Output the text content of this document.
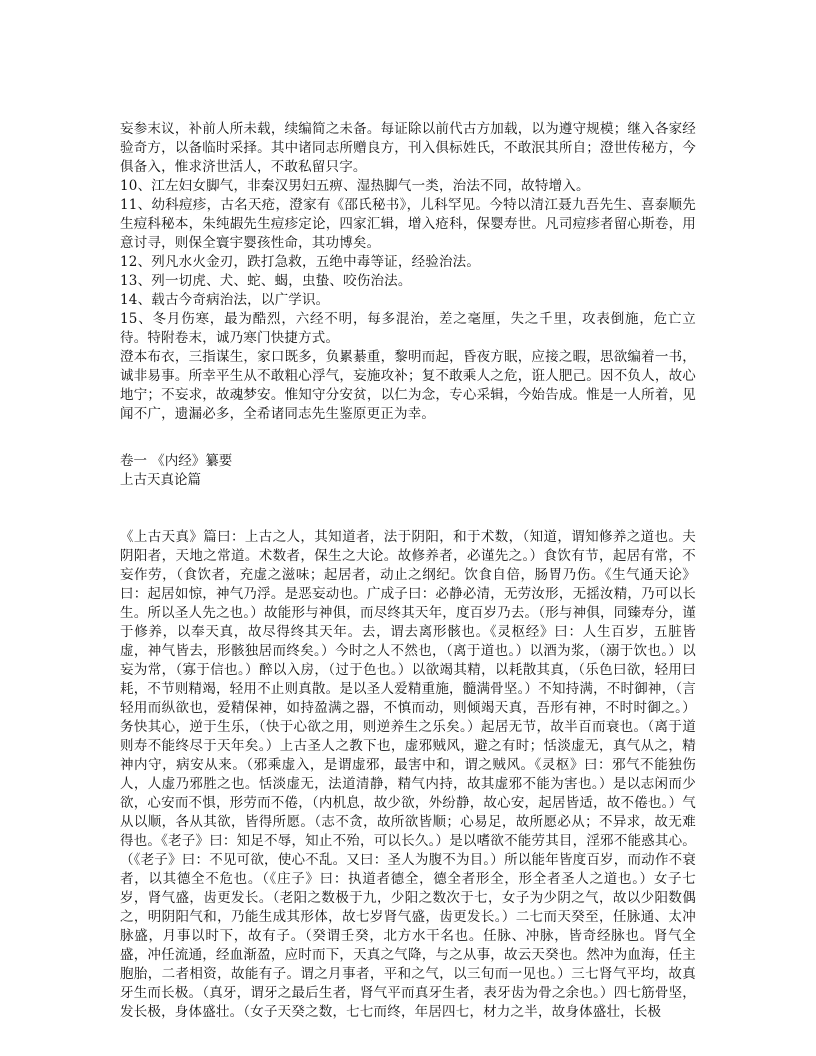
妄参末议，补前人所未载，续编简之未备。每证除以前代古方加载，以为遵守规模；继入各家经验奇方，以备临时采择。其中诸同志所赠良方，刊入俱标姓氏，不敢泯其所自；澄世传秘方，今俱备入，惟求济世活人，不敢私留只字。

10、江左妇女脚气，非秦汉男妇五痹、湿热脚气一类，治法不同，故特增入。

11、幼科痘疹，古名天疮，澄家有《邵氏秘书》，儿科罕见。今特以清江聂九吾先生、喜泰顺先生痘科秘本，朱纯嘏先生痘疹定论，四家汇辑，增入疮科，保婴寿世。凡司痘疹者留心斯卷，用意讨寻，则保全寰宇婴孩性命，其功博矣。

12、列凡水火金刃，跌打急救，五绝中毒等证，经验治法。

13、列一切虎、犬、蛇、蝎，虫蛰、咬伤治法。

14、载古今奇病治法，以广学识。

15、冬月伤寒，最为酷烈，六经不明，每多混治，差之毫厘，失之千里，攻表倒施，危亡立待。特附卷末，诚乃寒门快捷方式。

澄本布衣，三指谋生，家口既多，负累綦重，黎明而起，昏夜方眠，应接之暇，思欲编着一书，诚非易事。所幸平生从不敢粗心浮气，妄施攻补；复不敢乘人之危，诳人肥己。因不负人，故心地宁；不妄求，故魂梦安。惟知守分安贫，以仁为念，专心采辑，今始告成。惟是一人所着，见闻不广，遗漏必多，全希诸同志先生鉴原更正为幸。

卷一 《内经》纂要

上古天真论篇

《上古天真》篇曰：上古之人，其知道者，法于阴阳，和于术数，（知道，谓知修养之道也。夫阴阳者，天地之常道。术数者，保生之大论。故修养者，必谨先之。）食饮有节，起居有常，不妄作劳，（食饮者，充虚之滋味；起居者，动止之纲纪。饮食自倍，肠胃乃伤。《生气通天论》曰：起居如惊，神气乃浮。是恶妄动也。广成子曰：必静必清，无劳汝形，无摇汝精，乃可以长生。所以圣人先之也。）故能形与神俱，而尽终其天年，度百岁乃去。（形与神俱，同臻寿分，谨于修养，以奉天真，故尽得终其天年。去，谓去离形骸也。《灵枢经》曰：人生百岁，五脏皆虚，神气皆去，形骸独居而终矣。）今时之人不然也，（离于道也。）以酒为浆，（溺于饮也。）以妄为常，（寡于信也。）醉以入房，（过于色也。）以欲竭其精，以耗散其真，（乐色曰欲，轻用曰耗，不节则精竭，轻用不止则真散。是以圣人爱精重施，髓满骨坚。）不知持满，不时御神，（言轻用而纵欲也，爱精保神，如持盈满之器，不慎而动，则倾竭天真，吾形有神，不时时御之。）务快其心，逆于生乐，（快于心欲之用，则逆养生之乐矣。）起居无节，故半百而衰也。（离于道则寿不能终尽于天年矣。）上古圣人之教下也，虚邪贼风，避之有时；恬淡虚无，真气从之，精神内守，病安从来。（邪乘虚入，是谓虚邪，最害中和，谓之贼风。《灵枢》曰：邪气不能独伤人，人虚乃邪胜之也。恬淡虚无，法道清静，精气内持，故其虚邪不能为害也。）是以志闲而少欲，心安而不惧，形劳而不倦，（内机息，故少欲，外纷静，故心安，起居皆适，故不倦也。）气从以顺，各从其欲，皆得所愿。（志不贪，故所欲皆顺；心易足，故所愿必从；不异求，故无难得也。《老子》曰：知足不辱，知止不殆，可以长久。）是以嗜欲不能劳其目，淫邪不能惑其心。（《老子》曰：不见可欲，使心不乱。又曰：圣人为腹不为目。）所以能年皆度百岁，而动作不衰者，以其德全不危也。（《庄子》曰：执道者德全，德全者形全，形全者圣人之道也。）女子七岁，肾气盛，齿更发长。（老阳之数极于九，少阳之数次于七，女子为少阴之气，故以少阳数偶之，明阴阳气和，乃能生成其形体，故七岁肾气盛，齿更发长。）二七而天癸至，任脉通、太冲脉盛，月事以时下，故有子。（癸谓壬癸，北方水干名也。任脉、冲脉，皆奇经脉也。肾气全盛，冲任流通，经血渐盈，应时而下，天真之气降，与之从事，故云天癸也。然冲为血海，任主胞胎，二者相资，故能有子。谓之月事者，平和之气，以三旬而一见也。）三七肾气平均，故真牙生而长极。（真牙，谓牙之最后生者，肾气平而真牙生者，表牙齿为骨之余也。）四七筋骨坚，发长极，身体盛壮。（女子天癸之数，七七而终，年居四七，材力之半，故身体盛壮，长极
